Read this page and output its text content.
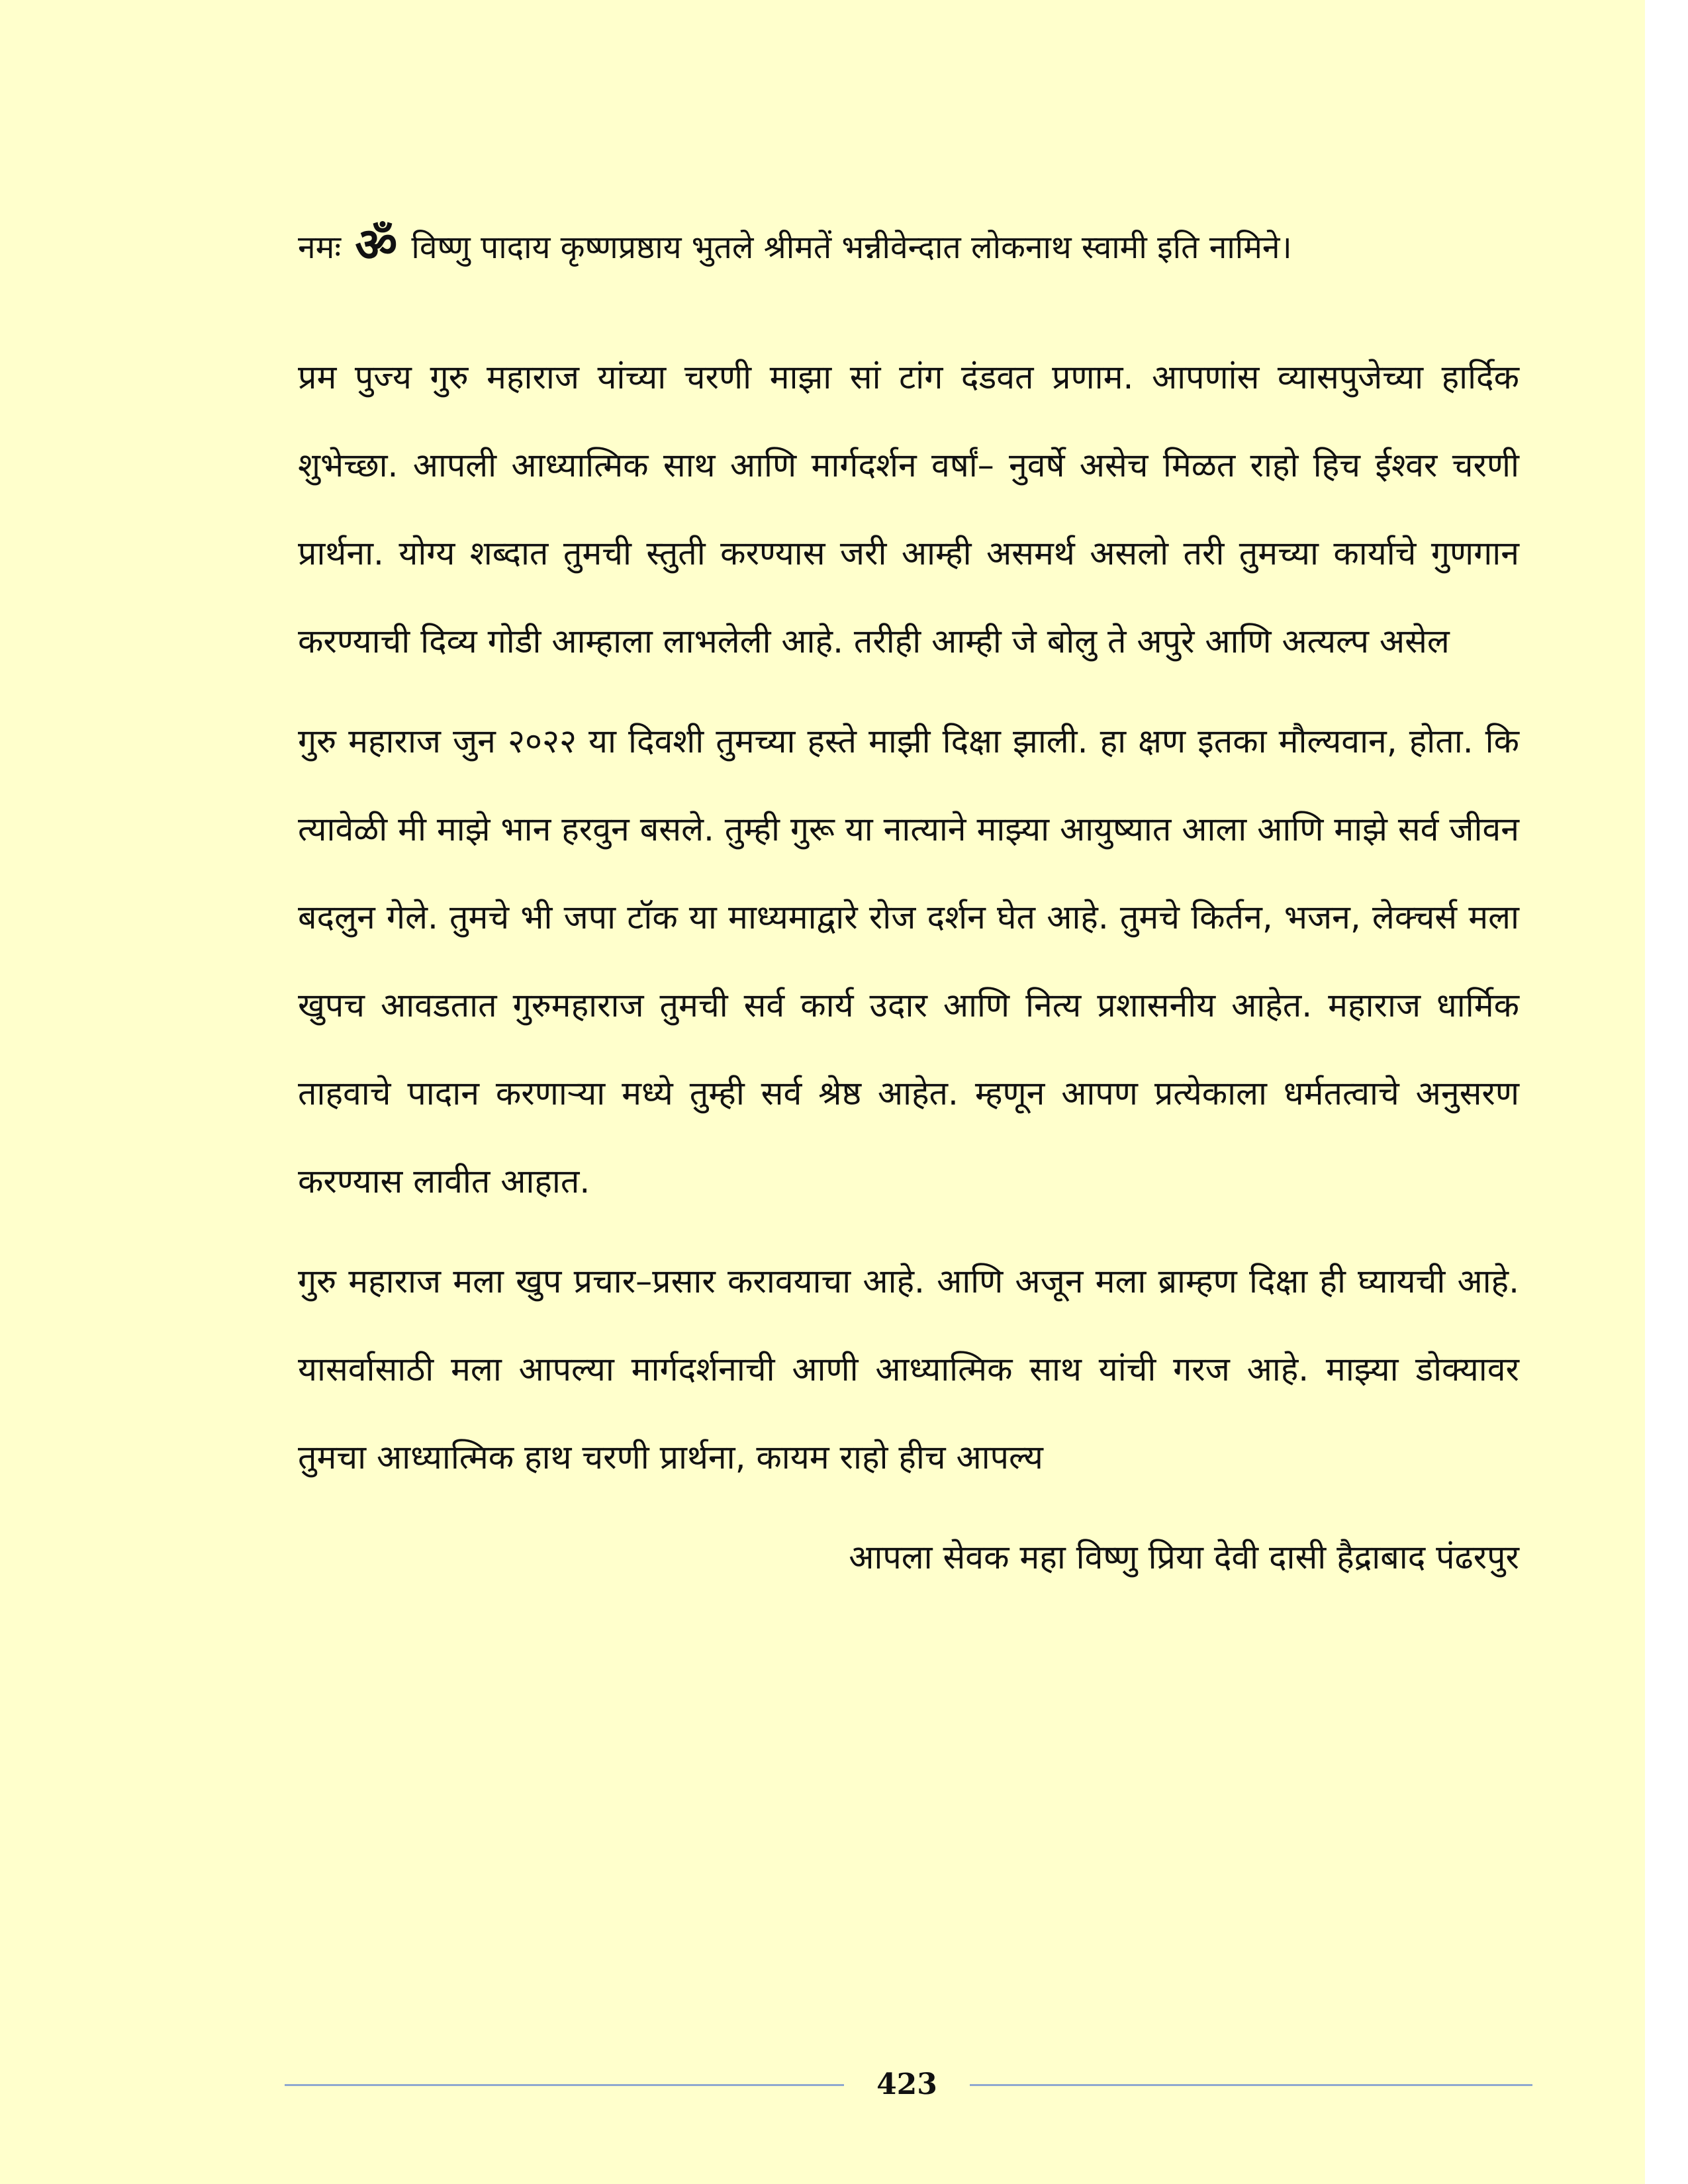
नमः ॐ विष्णु पादाय कृष्णप्रष्ठाय भुतले श्रीमतें भन्नीवेन्दात लोकनाथ स्वामी इति नामिने।

प्रम पुज्य गुरु महाराज यांच्या चरणी माझा सां टांग दंडवत प्रणाम. आपणांस व्यासपुजेच्या हार्दिक शुभेच्छा. आपली आध्यात्मिक साथ आणि मार्गदर्शन वर्षां– नुवर्षे असेच मिळत राहो हिच ईश्वर चरणी प्रार्थना. योग्य शब्दात तुमची स्तुती करण्यास जरी आम्ही असमर्थ असलो तरी तुमच्या कार्याचे गुणगान करण्याची दिव्य गोडी आम्हाला लाभलेली आहे. तरीही आम्ही जे बोलु ते अपुरे आणि अत्यल्प असेल

गुरु महाराज जुन २०२२ या दिवशी तुमच्या हस्ते माझी दिक्षा झाली. हा क्षण इतका मौल्यवान, होता. कि त्यावेळी मी माझे भान हरवुन बसले. तुम्ही गुरू या नात्याने माझ्या आयुष्यात आला आणि माझे सर्व जीवन बदलुन गेले. तुमचे भी जपा टॉक या माध्यमाद्वारे रोज दर्शन घेत आहे. तुमचे किर्तन, भजन, लेक्चर्स मला खुपच आवडतात गुरुमहाराज तुमची सर्व कार्य उदार आणि नित्य प्रशासनीय आहेत. महाराज धार्मिक ताहवाचे पादान करणाऱ्या मध्ये तुम्ही सर्व श्रेष्ठ आहेत. म्हणून आपण प्रत्येकाला धर्मतत्वाचे अनुसरण करण्यास लावीत आहात.

गुरु महाराज मला खुप प्रचार–प्रसार करावयाचा आहे. आणि अजून मला ब्राम्हण दिक्षा ही घ्यायची आहे. यासर्वासाठी मला आपल्या मार्गदर्शनाची आणी आध्यात्मिक साथ यांची गरज आहे. माझ्या डोक्यावर तुमचा आध्यात्मिक हाथ चरणी प्रार्थना, कायम राहो हीच आपल्य

आपला सेवक महा विष्णु प्रिया देवी दासी हैद्राबाद पंढरपुर

423
